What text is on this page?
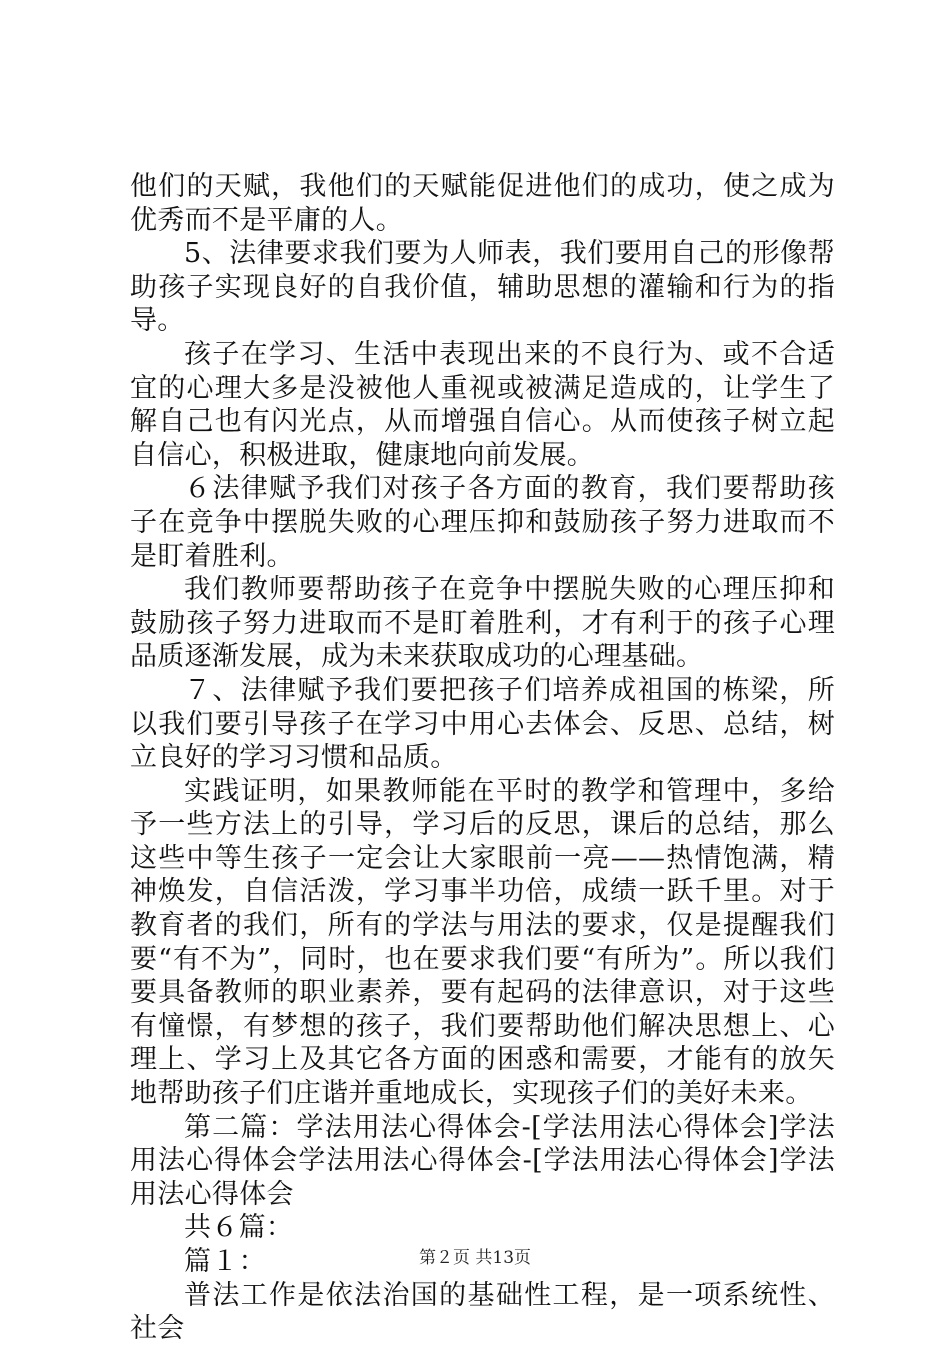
他们的天赋，我他们的天赋能促进他们的成功，使之成为优秀而不是平庸的人。

5、法律要求我们要为人师表，我们要用自己的形像帮助孩子实现良好的自我价值，辅助思想的灌输和行为的指导。

孩子在学习、生活中表现出来的不良行为、或不合适宜的心理大多是没被他人重视或被满足造成的，让学生了解自己也有闪光点，从而增强自信心。从而使孩子树立起自信心，积极进取，健康地向前发展。

６法律赋予我们对孩子各方面的教育，我们要帮助孩子在竞争中摆脱失败的心理压抑和鼓励孩子努力进取而不是盯着胜利。

我们教师要帮助孩子在竞争中摆脱失败的心理压抑和鼓励孩子努力进取而不是盯着胜利，才有利于的孩子心理品质逐渐发展，成为未来获取成功的心理基础。

７、法律赋予我们要把孩子们培养成祖国的栋梁，所以我们要引导孩子在学习中用心去体会、反思、总结，树立良好的学习习惯和品质。

实践证明，如果教师能在平时的教学和管理中，多给予一些方法上的引导，学习后的反思，课后的总结，那么这些中等生孩子一定会让大家眼前一亮——热情饱满，精神焕发，自信活泼，学习事半功倍，成绩一跃千里。对于教育者的我们，所有的学法与用法的要求，仅是提醒我们要“有不为”，同时，也在要求我们要“有所为”。所以我们要具备教师的职业素养，要有起码的法律意识，对于这些有憧憬，有梦想的孩子，我们要帮助他们解决思想上、心理上、学习上及其它各方面的困惑和需要，才能有的放矢地帮助孩子们庄谐并重地成长，实现孩子们的美好未来。

第二篇：学法用法心得体会-[学法用法心得体会]学法用法心得体会学法用法心得体会-[学法用法心得体会]学法用法心得体会

共６篇：

篇１：

普法工作是依法治国的基础性工程，是一项系统性、社会

第２页 共13页
